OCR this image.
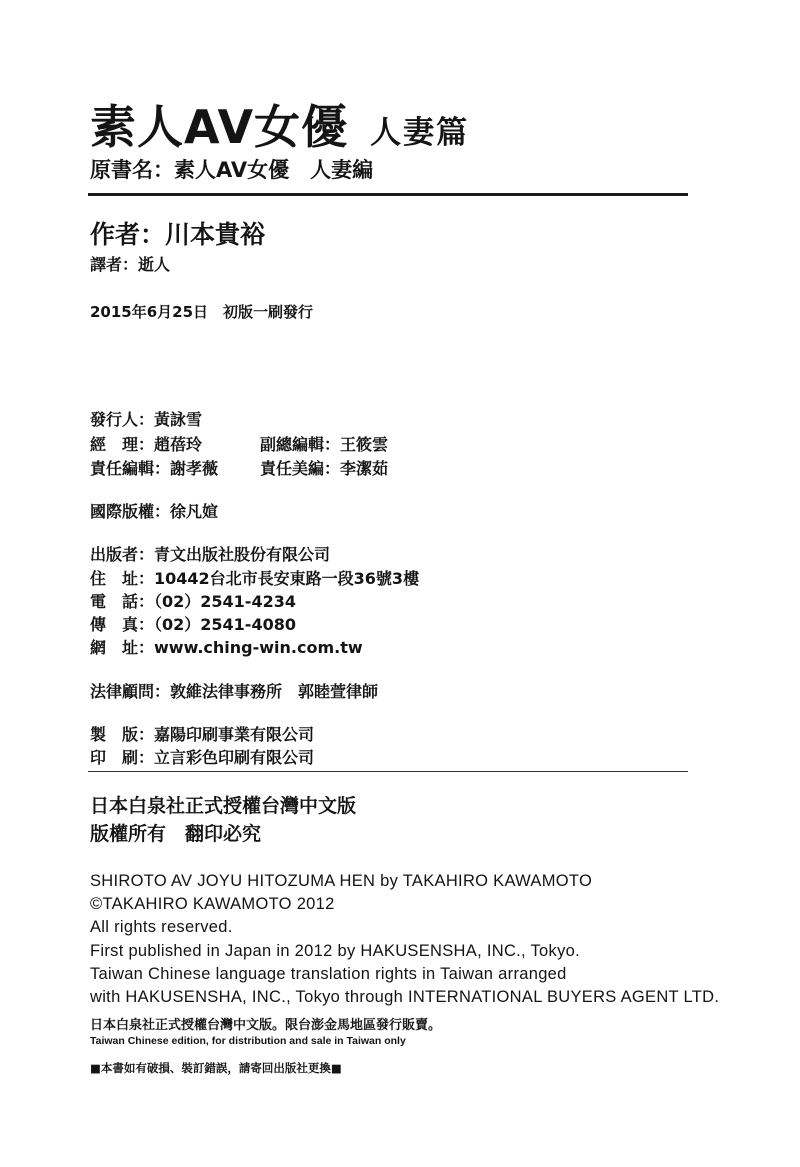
素人AV女優 人妻篇
原書名：素人AV女優　人妻編
作者：川本貴裕
譯者：逝人
2015年6月25日　初版一刷發行
發行人：黃詠雪
經　理：趙蓓玲	副總編輯：王筱雲
責任編輯：謝孝薇	責任美編：李潔茹
國際版權：徐凡媗
出版者：青文出版社股份有限公司
住　址：10442台北市長安東路一段36號3樓
電　話：（02）2541-4234
傳　真：（02）2541-4080
網　址：www.ching-win.com.tw
法律顧問：敦維法律事務所　郭睦萱律師
製　版：嘉陽印刷事業有限公司
印　刷：立言彩色印刷有限公司
日本白泉社正式授權台灣中文版
版權所有　翻印必究
SHIROTO AV JOYU HITOZUMA HEN by TAKAHIRO KAWAMOTO
©TAKAHIRO KAWAMOTO 2012
All rights reserved.
First published in Japan in 2012 by HAKUSENSHA, INC., Tokyo.
Taiwan Chinese language translation rights in Taiwan arranged
with HAKUSENSHA, INC., Tokyo through INTERNATIONAL BUYERS AGENT LTD.
日本白泉社正式授權台灣中文版。限台澎金馬地區發行販賣。
Taiwan Chinese edition, for distribution and sale in Taiwan only
■本書如有破損、裝訂錯誤，請寄回出版社更換■
